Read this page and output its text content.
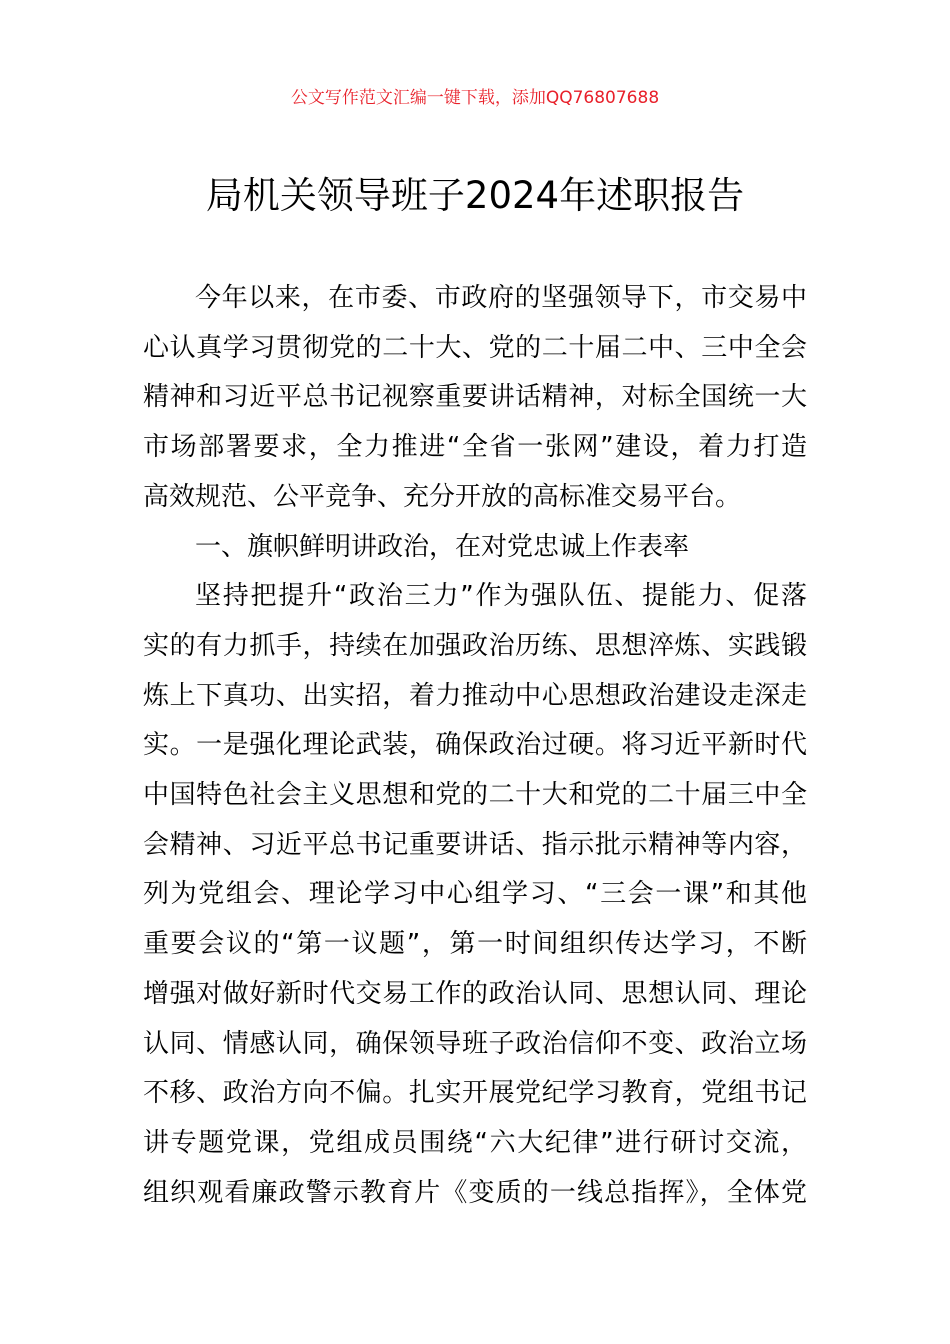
公文写作范文汇编一键下载，添加QQ76807688
局机关领导班子2024年述职报告
今年以来，在市委、市政府的坚强领导下，市交易中
心认真学习贯彻党的二十大、党的二十届二中、三中全会
精神和习近平总书记视察重要讲话精神，对标全国统一大
市场部署要求，全力推进“全省一张网”建设，着力打造
高效规范、公平竞争、充分开放的高标准交易平台。
一、旗帜鲜明讲政治，在对党忠诚上作表率
坚持把提升“政治三力”作为强队伍、提能力、促落
实的有力抓手，持续在加强政治历练、思想淬炼、实践锻
炼上下真功、出实招，着力推动中心思想政治建设走深走
实。一是强化理论武装，确保政治过硬。将习近平新时代
中国特色社会主义思想和党的二十大和党的二十届三中全
会精神、习近平总书记重要讲话、指示批示精神等内容，
列为党组会、理论学习中心组学习、“三会一课”和其他
重要会议的“第一议题”，第一时间组织传达学习，不断
增强对做好新时代交易工作的政治认同、思想认同、理论
认同、情感认同，确保领导班子政治信仰不变、政治立场
不移、政治方向不偏。扎实开展党纪学习教育，党组书记
讲专题党课，党组成员围绕“六大纪律”进行研讨交流，
组织观看廉政警示教育片《变质的一线总指挥》，全体党
